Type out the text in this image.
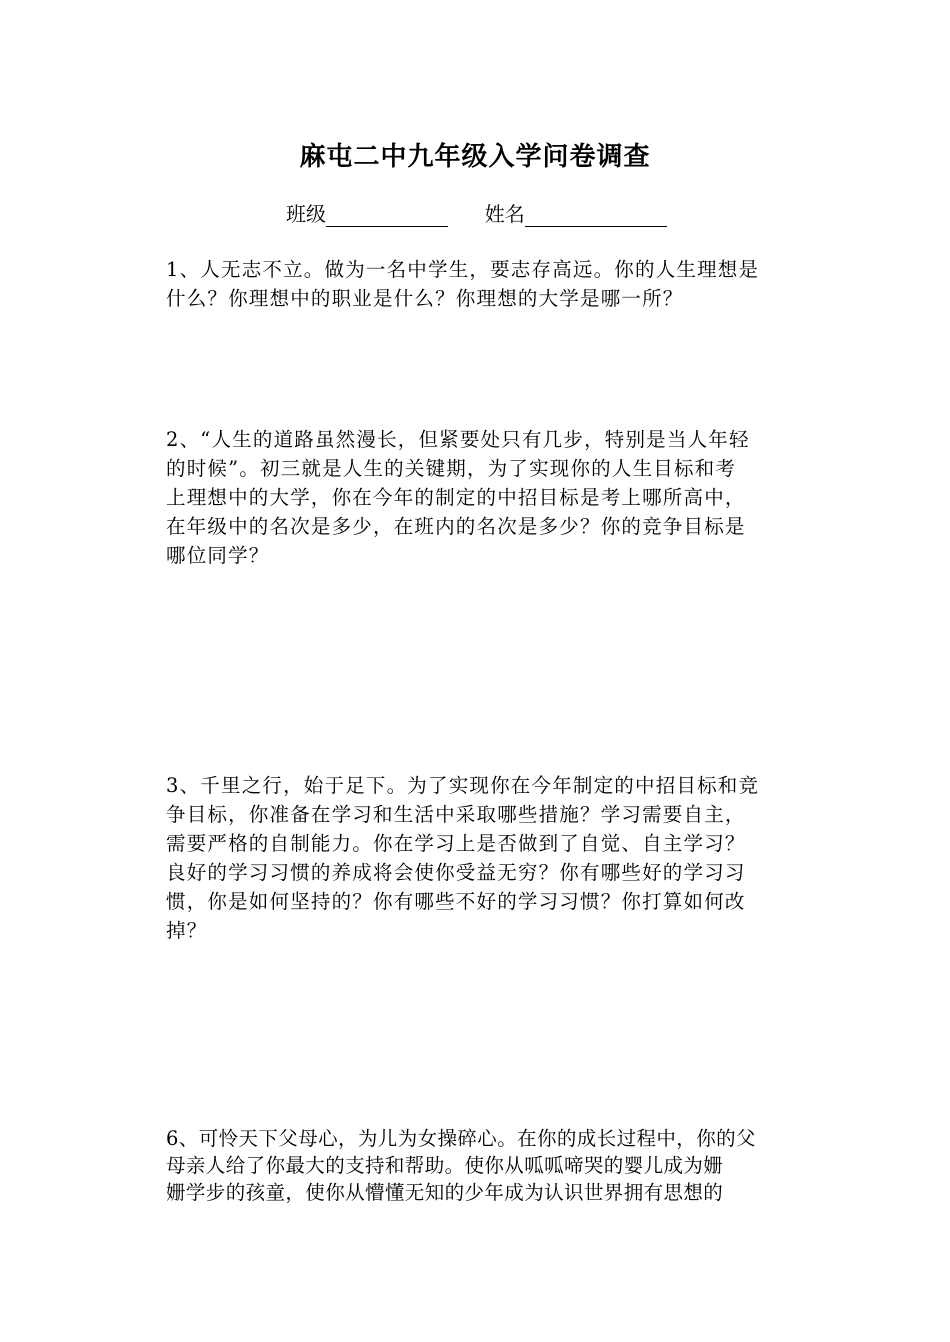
麻屯二中九年级入学问卷调查
班级	姓名
1、人无志不立。做为一名中学生，要志存高远。你的人生理想是
什么？你理想中的职业是什么？你理想的大学是哪一所？
2、“人生的道路虽然漫长，但紧要处只有几步，特别是当人年轻
的时候”。初三就是人生的关键期，为了实现你的人生目标和考
上理想中的大学，你在今年的制定的中招目标是考上哪所高中，
在年级中的名次是多少，在班内的名次是多少？你的竞争目标是
哪位同学？
3、千里之行，始于足下。为了实现你在今年制定的中招目标和竞
争目标，你准备在学习和生活中采取哪些措施？学习需要自主，
需要严格的自制能力。你在学习上是否做到了自觉、自主学习？
良好的学习习惯的养成将会使你受益无穷？你有哪些好的学习习
惯，你是如何坚持的？你有哪些不好的学习习惯？你打算如何改
掉？
6、可怜天下父母心，为儿为女操碎心。在你的成长过程中，你的父
母亲人给了你最大的支持和帮助。使你从呱呱啼哭的婴儿成为姗
姗学步的孩童，使你从懵懂无知的少年成为认识世界拥有思想的
